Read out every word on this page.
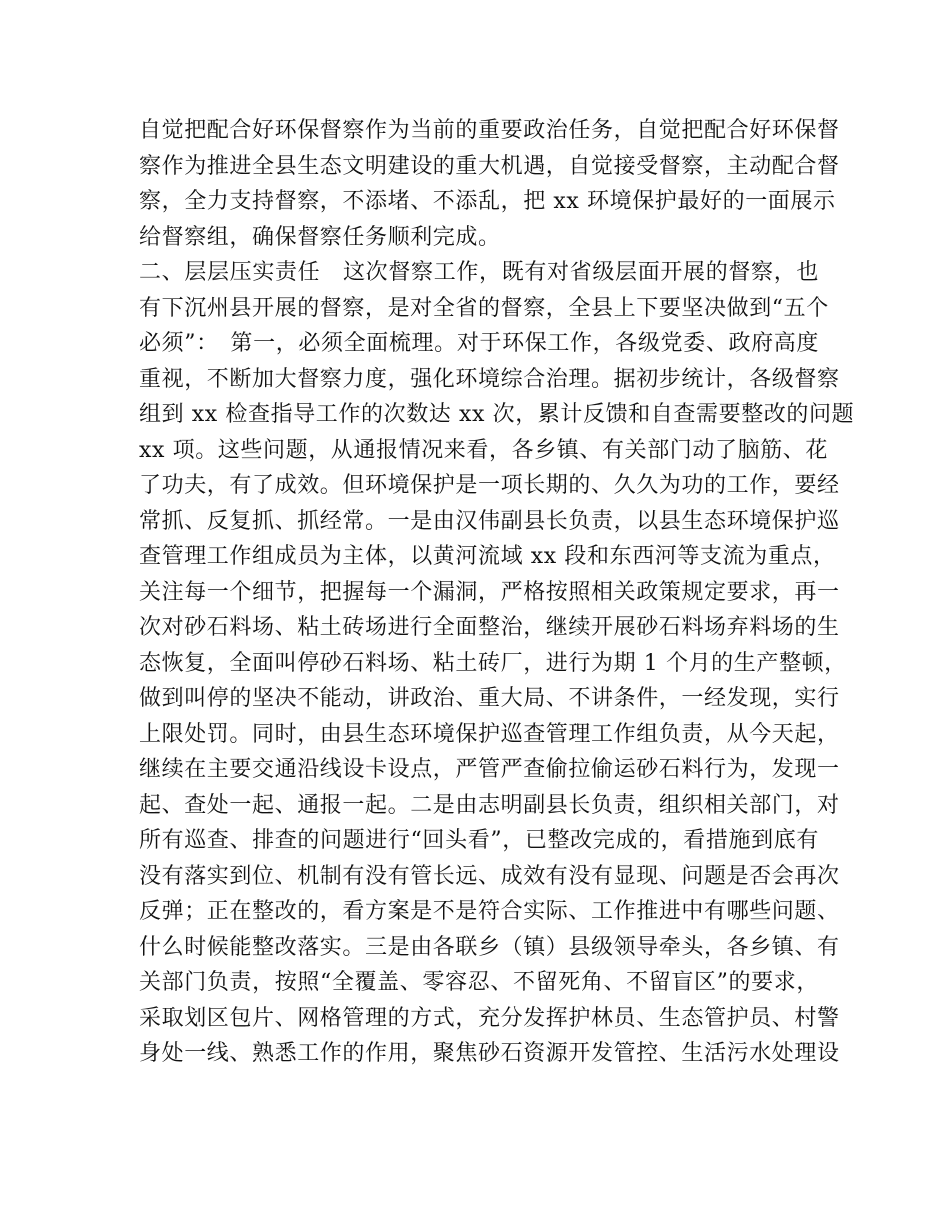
自觉把配合好环保督察作为当前的重要政治任务，自觉把配合好环保督
察作为推进全县生态文明建设的重大机遇，自觉接受督察，主动配合督
察，全力支持督察，不添堵、不添乱，把 xx 环境保护最好的一面展示
给督察组，确保督察任务顺利完成。
二、层层压实责任　这次督察工作，既有对省级层面开展的督察，也
有下沉州县开展的督察，是对全省的督察，全县上下要坚决做到“五个
必须”：　第一，必须全面梳理。对于环保工作，各级党委、政府高度
重视，不断加大督察力度，强化环境综合治理。据初步统计，各级督察
组到 xx 检查指导工作的次数达 xx 次，累计反馈和自查需要整改的问题
xx 项。这些问题，从通报情况来看，各乡镇、有关部门动了脑筋、花
了功夫，有了成效。但环境保护是一项长期的、久久为功的工作，要经
常抓、反复抓、抓经常。一是由汉伟副县长负责，以县生态环境保护巡
查管理工作组成员为主体，以黄河流域 xx 段和东西河等支流为重点，
关注每一个细节，把握每一个漏洞，严格按照相关政策规定要求，再一
次对砂石料场、粘土砖场进行全面整治，继续开展砂石料场弃料场的生
态恢复，全面叫停砂石料场、粘土砖厂，进行为期 1 个月的生产整顿，
做到叫停的坚决不能动，讲政治、重大局、不讲条件，一经发现，实行
上限处罚。同时，由县生态环境保护巡查管理工作组负责，从今天起，
继续在主要交通沿线设卡设点，严管严查偷拉偷运砂石料行为，发现一
起、查处一起、通报一起。二是由志明副县长负责，组织相关部门，对
所有巡查、排查的问题进行“回头看”，已整改完成的，看措施到底有
没有落实到位、机制有没有管长远、成效有没有显现、问题是否会再次
反弹；正在整改的，看方案是不是符合实际、工作推进中有哪些问题、
什么时候能整改落实。三是由各联乡（镇）县级领导牵头，各乡镇、有
关部门负责，按照“全覆盖、零容忍、不留死角、不留盲区”的要求，
采取划区包片、网格管理的方式，充分发挥护林员、生态管护员、村警
身处一线、熟悉工作的作用，聚焦砂石资源开发管控、生活污水处理设
